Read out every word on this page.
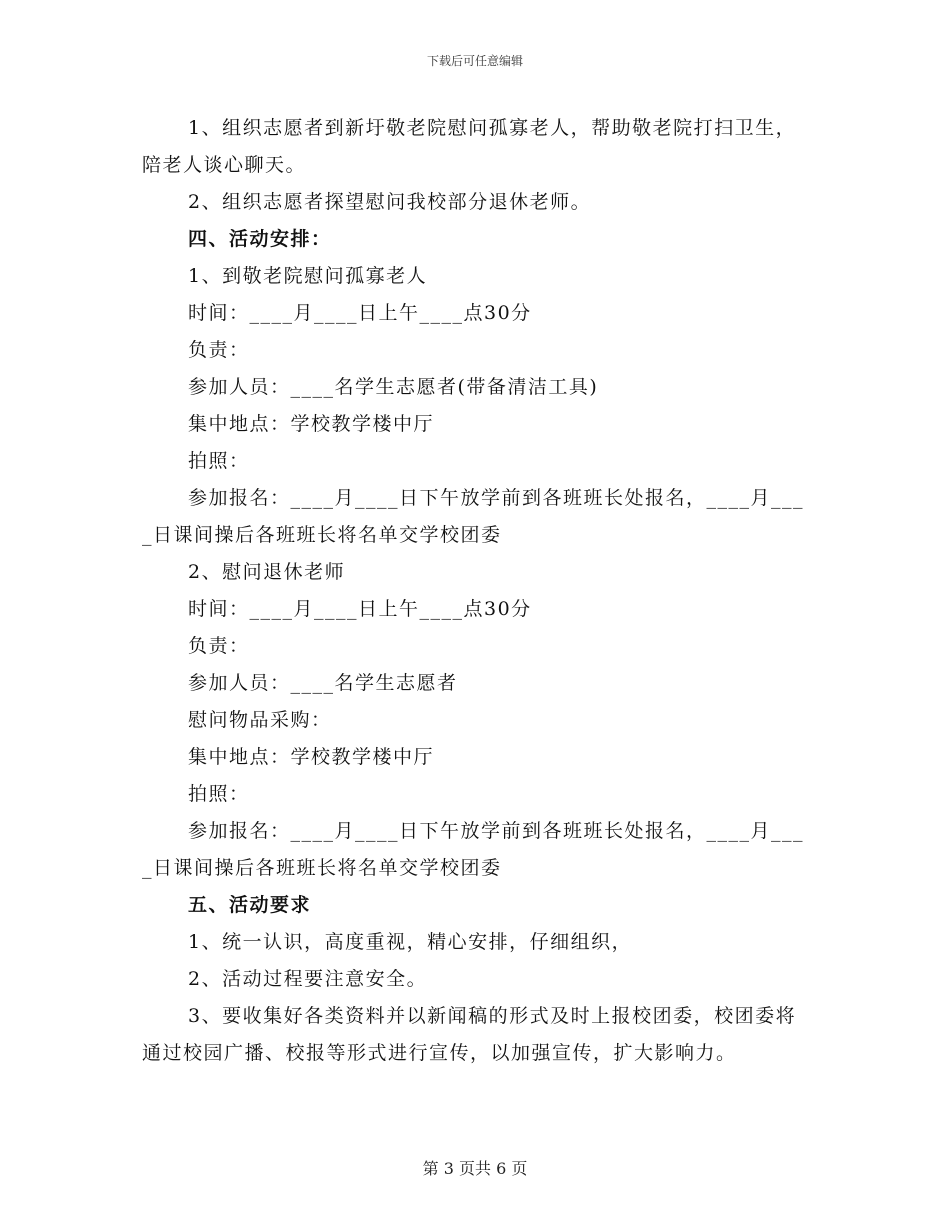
下载后可任意编辑

1、组织志愿者到新圩敬老院慰问孤寡老人，帮助敬老院打扫卫生，陪老人谈心聊天。

2、组织志愿者探望慰问我校部分退休老师。

四、活动安排：

1、到敬老院慰问孤寡老人

时间：____月____日上午____点30分

负责：

参加人员：____名学生志愿者(带备清洁工具)

集中地点：学校教学楼中厅

拍照：

参加报名：____月____日下午放学前到各班班长处报名，____月____日课间操后各班班长将名单交学校团委

2、慰问退休老师

时间：____月____日上午____点30分

负责：

参加人员：____名学生志愿者

慰问物品采购：

集中地点：学校教学楼中厅

拍照：

参加报名：____月____日下午放学前到各班班长处报名，____月____日课间操后各班班长将名单交学校团委

五、活动要求

1、统一认识，高度重视，精心安排，仔细组织，

2、活动过程要注意安全。

3、要收集好各类资料并以新闻稿的形式及时上报校团委，校团委将通过校园广播、校报等形式进行宣传，以加强宣传，扩大影响力。

第 3 页共 6 页
